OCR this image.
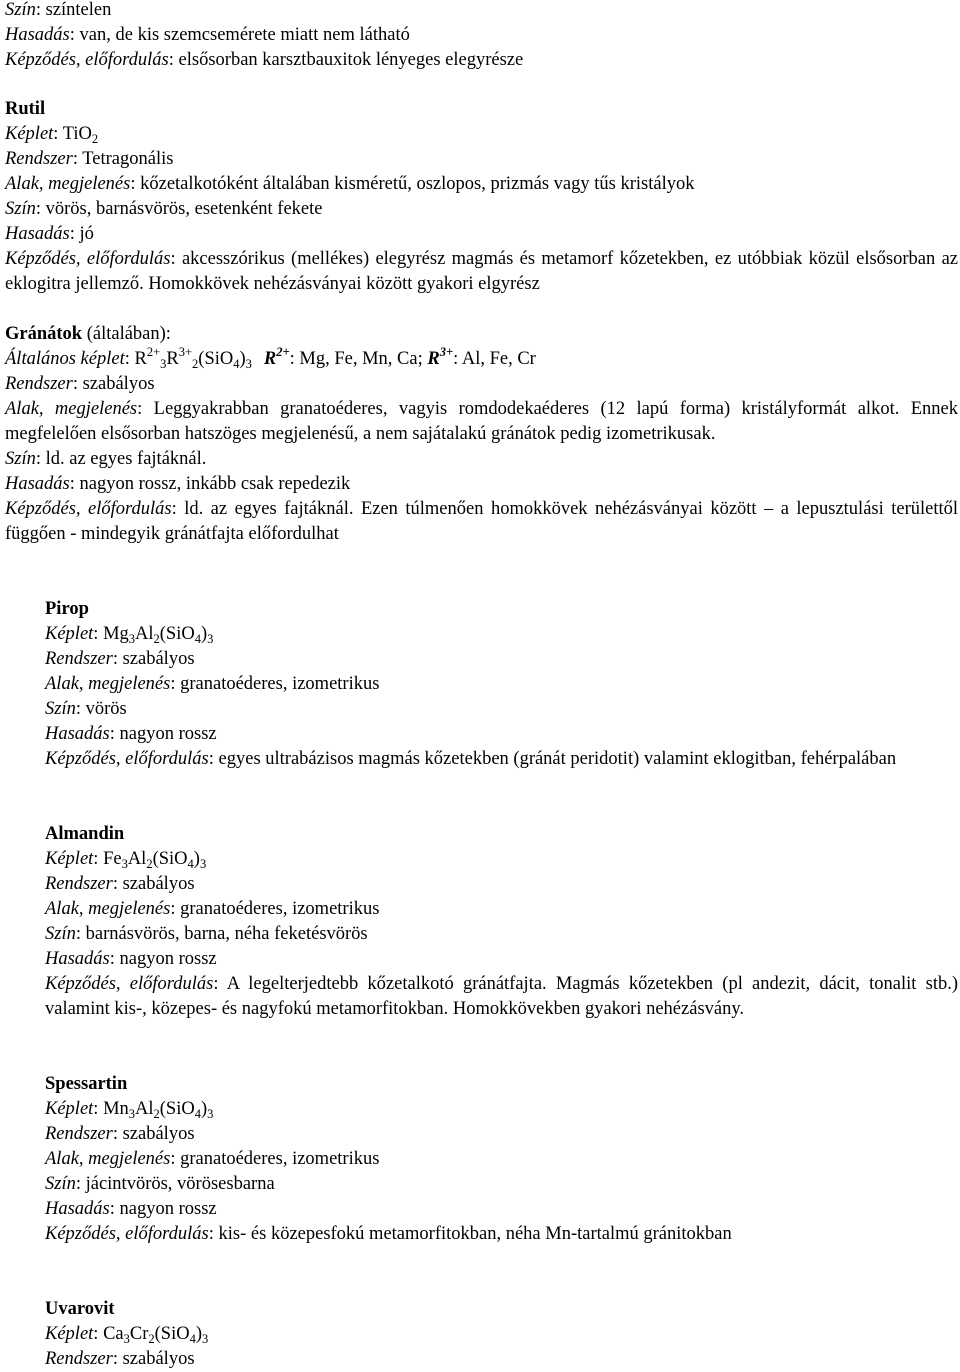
Szín: színtelen
Hasadás: van, de kis szemcsemérete miatt nem látható
Képződés, előfordulás: elsősorban karsztbauxitok lényeges elegyrésze
Rutil
Képlet: TiO$_2$
Rendszer: Tetragonális
Alak, megjelenés: kőzetalkotóként általában kisméretű, oszlopos, prizmás vagy tűs kristályok
Szín: vörös, barnásvörös, esetenként fekete
Hasadás: jó
Képződés, előfordulás: akcesszórikus (mellékes) elegyrész magmás és metamorf kőzetekben, ez utóbbiak közül elsősorban az eklogitra jellemző. Homokkövek nehézásványai között gyakori elgyrész
Gránátok (általában):
Általános képlet: $R^{2+}_3R^{3+}_2(SiO_4)_3$ $R^{2+}$: Mg, Fe, Mn, Ca; $R^{3+}$: Al, Fe, Cr
Rendszer: szabályos
Alak, megjelenés: Leggyakrabban granatoéderes, vagyis romdodekaéderes (12 lapú forma) kristályformát alkot. Ennek megfelelően elsősorban hatszöges megjelenésű, a nem sajátalakú gránátok pedig izometrikusak.
Szín: ld. az egyes fajtáknál.
Hasadás: nagyon rossz, inkább csak repedezik
Képződés, előfordulás: ld. az egyes fajtáknál. Ezen túlmenően homokkövek nehézásványai között – a lepusztulási területtől függően - mindegyik gránátfajta előfordulhat
Pirop
Képlet: $Mg_3Al_2(SiO_4)_3$
Rendszer: szabályos
Alak, megjelenés: granatoéderes, izometrikus
Szín: vörös
Hasadás: nagyon rossz
Képződés, előfordulás: egyes ultrabázisos magmás kőzetekben (gránát peridotit) valamint eklogitban, fehérpalában
Almandin
Képlet: $Fe_3Al_2(SiO_4)_3$
Rendszer: szabályos
Alak, megjelenés: granatoéderes, izometrikus
Szín: barnásvörös, barna, néha feketésvörös
Hasadás: nagyon rossz
Képződés, előfordulás: A legelterjedtebb kőzetalkotó gránátfajta. Magmás kőzetekben (pl andezit, dácit, tonalit stb.) valamint kis-, közepes- és nagyfokú metamorfitokban. Homokkövekben gyakori nehézásvány.
Spessartin
Képlet: $Mn_3Al_2(SiO_4)_3$
Rendszer: szabályos
Alak, megjelenés: granatoéderes, izometrikus
Szín: jácintvörös, vörösesbarna
Hasadás: nagyon rossz
Képződés, előfordulás: kis- és közepesfokú metamorfitokban, néha Mn-tartalmú gránitokban
Uvarovit
Képlet: $Ca_3Cr_2(SiO_4)_3$
Rendszer: szabályos
